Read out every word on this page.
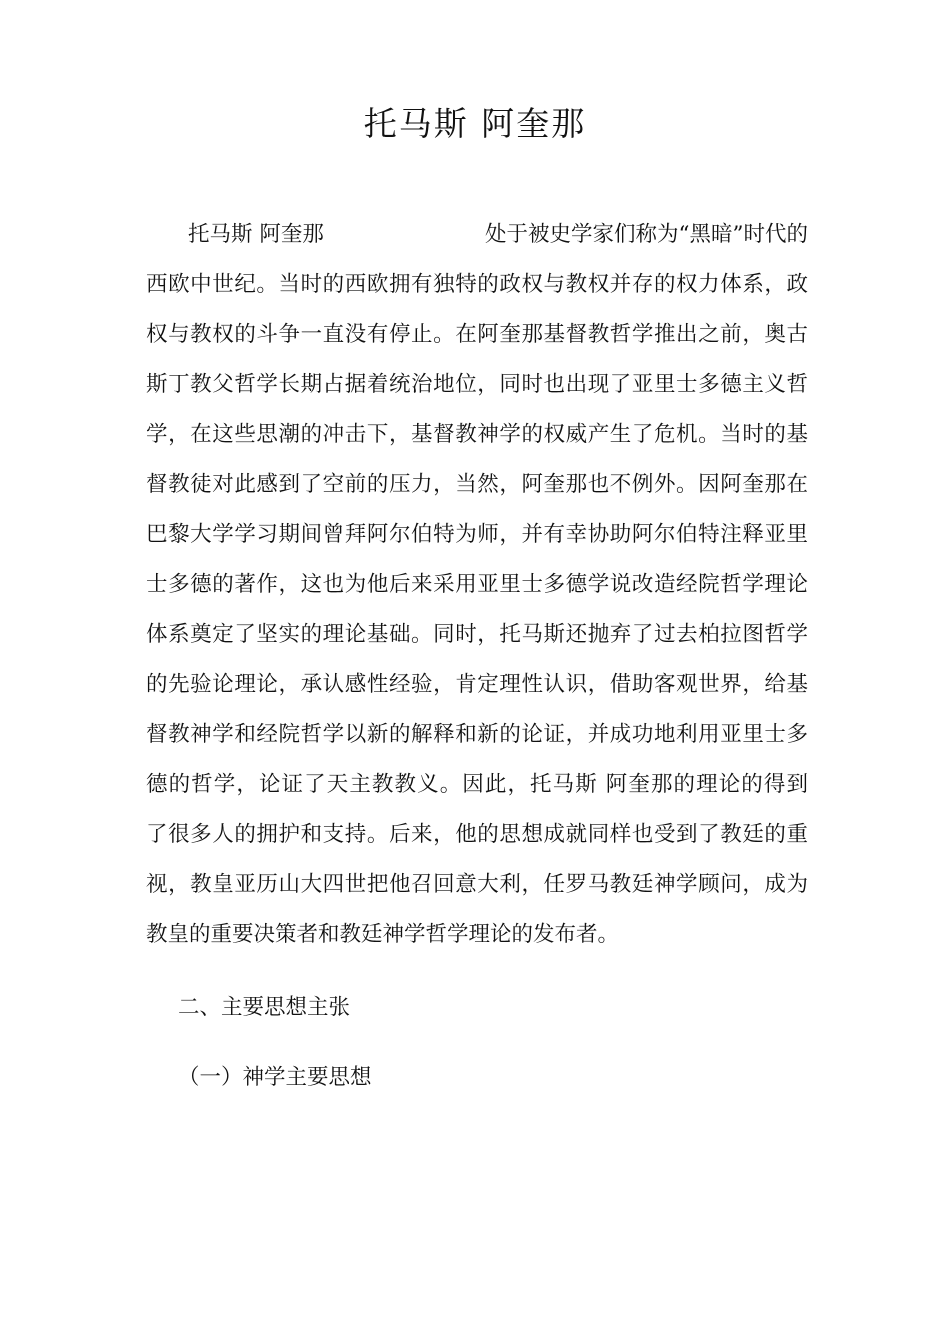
托马斯 阿奎那
托马斯 阿奎那	处于被史学家们称为“黑暗”时代的
西欧中世纪。当时的西欧拥有独特的政权与教权并存的权力体系，政
权与教权的斗争一直没有停止。在阿奎那基督教哲学推出之前，奥古
斯丁教父哲学长期占据着统治地位，同时也出现了亚里士多德主义哲
学，在这些思潮的冲击下，基督教神学的权威产生了危机。当时的基
督教徒对此感到了空前的压力，当然，阿奎那也不例外。因阿奎那在
巴黎大学学习期间曾拜阿尔伯特为师，并有幸协助阿尔伯特注释亚里
士多德的著作，这也为他后来采用亚里士多德学说改造经院哲学理论
体系奠定了坚实的理论基础。同时，托马斯还抛弃了过去柏拉图哲学
的先验论理论，承认感性经验，肯定理性认识，借助客观世界，给基
督教神学和经院哲学以新的解释和新的论证，并成功地利用亚里士多
德的哲学，论证了天主教教义。因此，托马斯 阿奎那的理论的得到
了很多人的拥护和支持。后来，他的思想成就同样也受到了教廷的重
视，教皇亚历山大四世把他召回意大利，任罗马教廷神学顾问，成为
教皇的重要决策者和教廷神学哲学理论的发布者。
二、主要思想主张
（一）神学主要思想
